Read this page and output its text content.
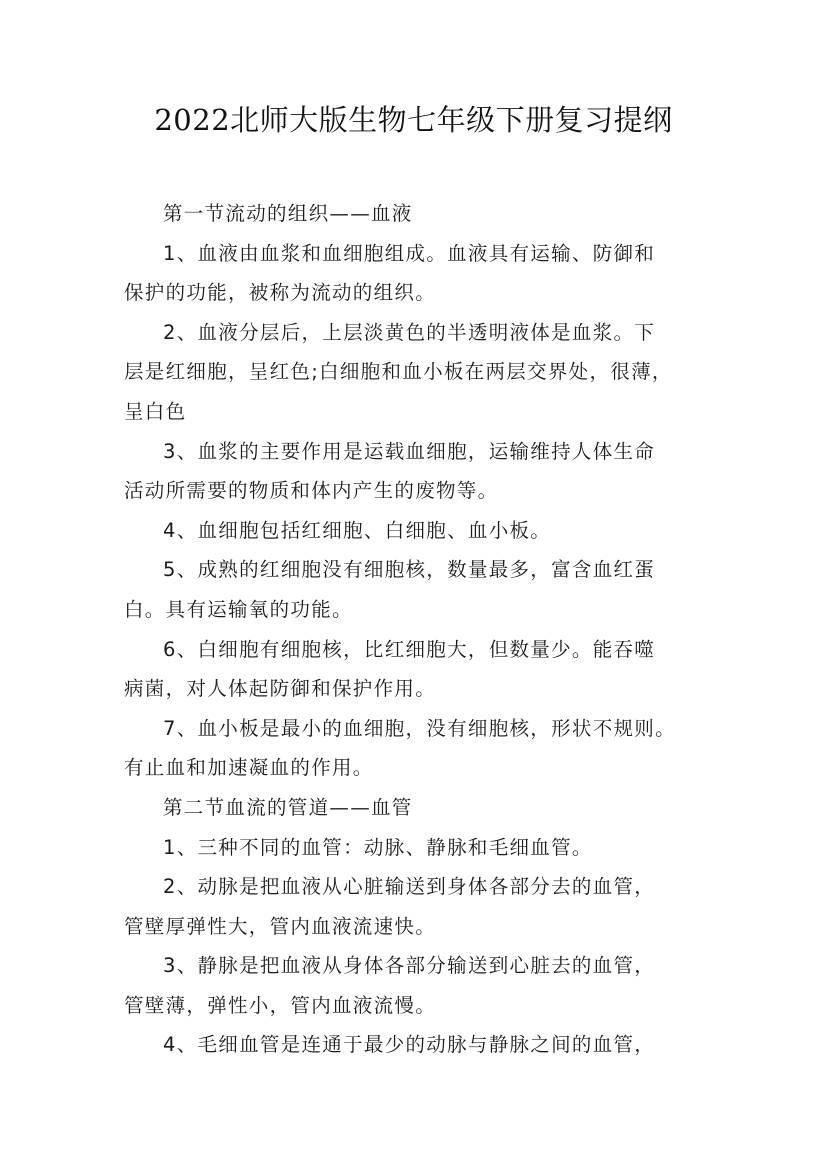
2022北师大版生物七年级下册复习提纲
第一节流动的组织——血液
1、血液由血浆和血细胞组成。血液具有运输、防御和
保护的功能，被称为流动的组织。
2、血液分层后，上层淡黄色的半透明液体是血浆。下
层是红细胞，呈红色;白细胞和血小板在两层交界处，很薄，
呈白色
3、血浆的主要作用是运载血细胞，运输维持人体生命
活动所需要的物质和体内产生的废物等。
4、血细胞包括红细胞、白细胞、血小板。
5、成熟的红细胞没有细胞核，数量最多，富含血红蛋
白。具有运输氧的功能。
6、白细胞有细胞核，比红细胞大，但数量少。能吞噬
病菌，对人体起防御和保护作用。
7、血小板是最小的血细胞，没有细胞核，形状不规则。
有止血和加速凝血的作用。
第二节血流的管道——血管
1、三种不同的血管：动脉、静脉和毛细血管。
2、动脉是把血液从心脏输送到身体各部分去的血管，
管壁厚弹性大，管内血液流速快。
3、静脉是把血液从身体各部分输送到心脏去的血管，
管壁薄，弹性小，管内血液流慢。
4、毛细血管是连通于最少的动脉与静脉之间的血管，
